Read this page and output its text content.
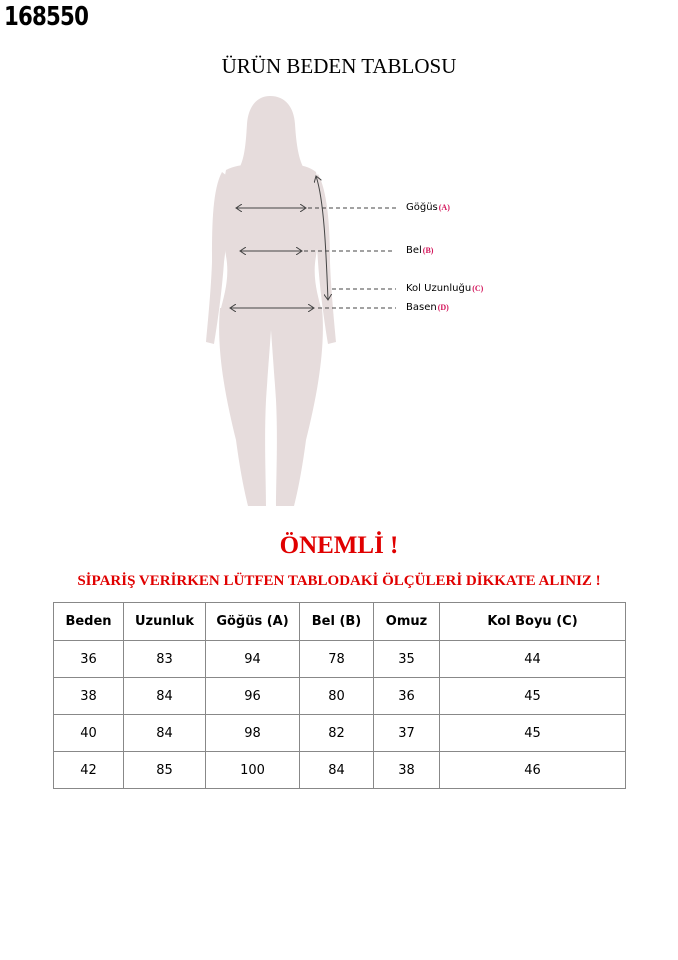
168550
ÜRÜN BEDEN TABLOSU
Göğüs(A)
Bel(B)
Kol Uzunluğu(C)
Basen(D)
ÖNEMLİ !
SİPARİŞ VERİRKEN LÜTFEN TABLODAKİ ÖLÇÜLERİ DİKKATE ALINIZ !
Beden	Uzunluk	Göğüs (A)	Bel (B)	Omuz	Kol Boyu (C)
36	83	94	78	35	44
38	84	96	80	36	45
40	84	98	82	37	45
42	85	100	84	38	46
